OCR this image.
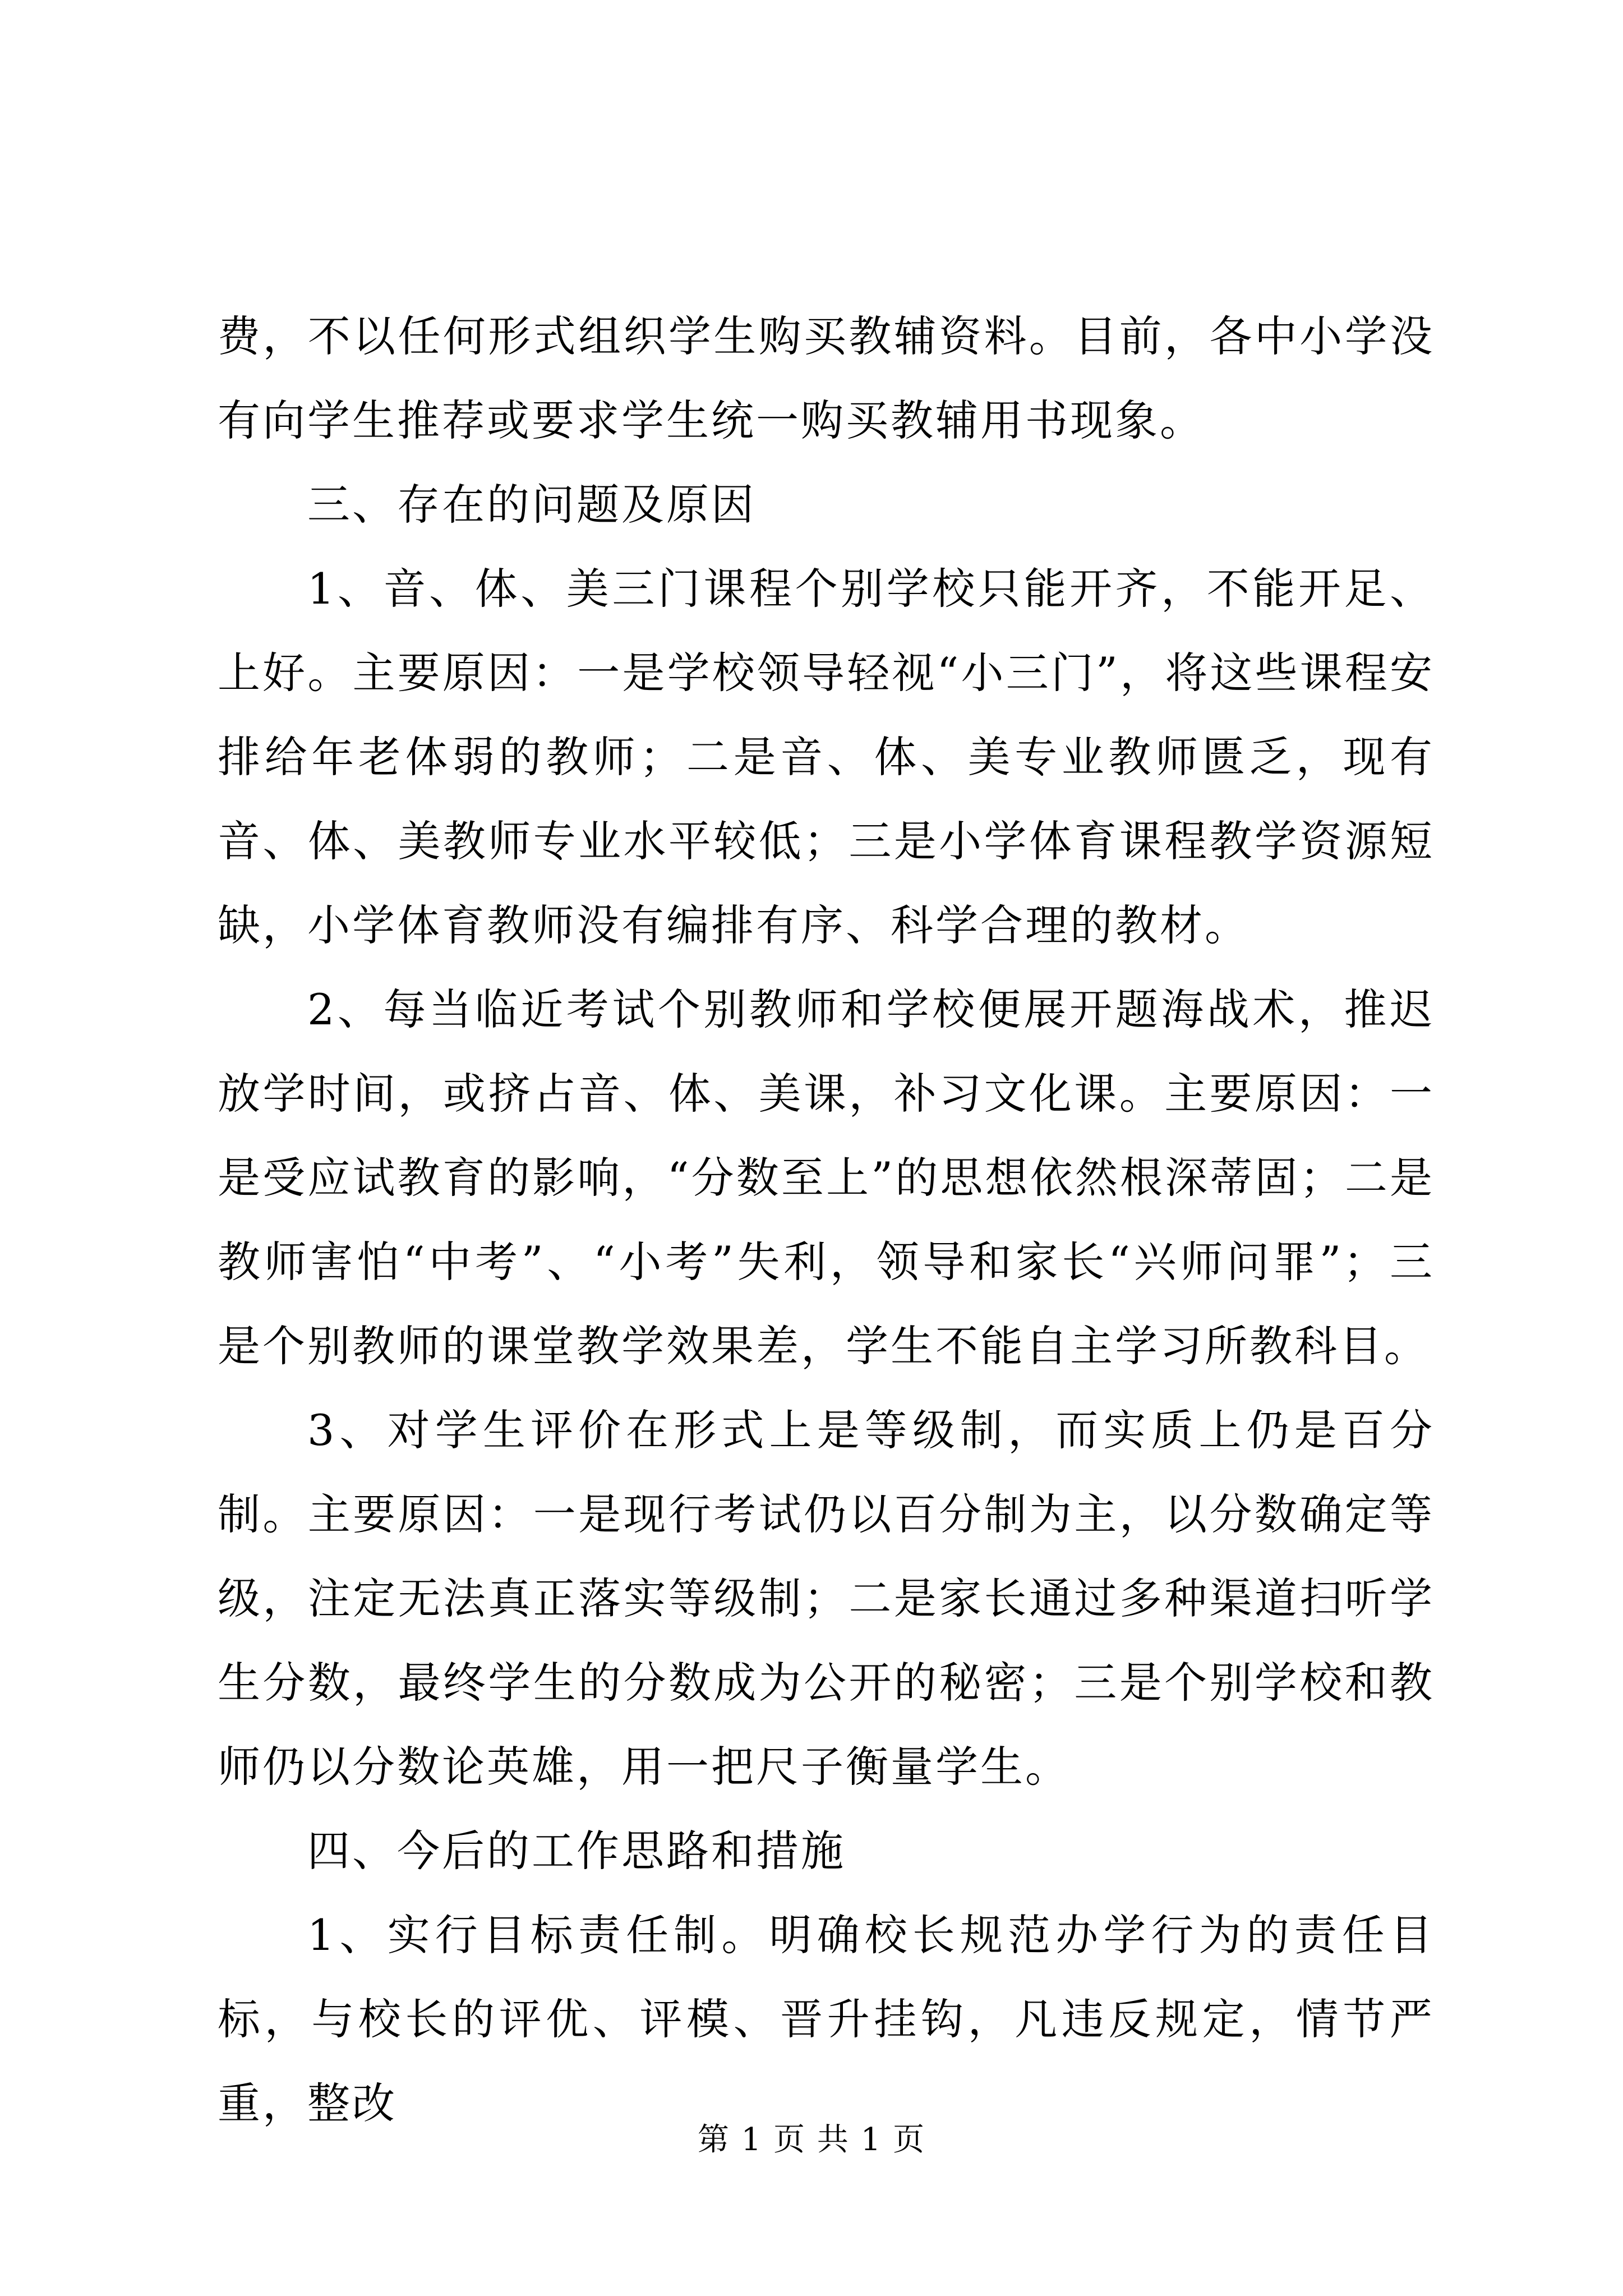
费，不以任何形式组织学生购买教辅资料。目前，各中小学没有向学生推荐或要求学生统一购买教辅用书现象。

三、存在的问题及原因

1、音、体、美三门课程个别学校只能开齐，不能开足、上好。主要原因：一是学校领导轻视“小三门”，将这些课程安排给年老体弱的教师；二是音、体、美专业教师匮乏，现有音、体、美教师专业水平较低；三是小学体育课程教学资源短缺，小学体育教师没有编排有序、科学合理的教材。

2、每当临近考试个别教师和学校便展开题海战术，推迟放学时间，或挤占音、体、美课，补习文化课。主要原因：一是受应试教育的影响，“分数至上”的思想依然根深蒂固；二是教师害怕“中考”、“小考”失利，领导和家长“兴师问罪”；三是个别教师的课堂教学效果差，学生不能自主学习所教科目。

3、对学生评价在形式上是等级制，而实质上仍是百分制。主要原因：一是现行考试仍以百分制为主，以分数确定等级，注定无法真正落实等级制；二是家长通过多种渠道扫听学生分数，最终学生的分数成为公开的秘密；三是个别学校和教师仍以分数论英雄，用一把尺子衡量学生。

四、今后的工作思路和措施

1、实行目标责任制。明确校长规范办学行为的责任目标，与校长的评优、评模、晋升挂钩，凡违反规定，情节严重，整改

第 1 页 共 1 页
